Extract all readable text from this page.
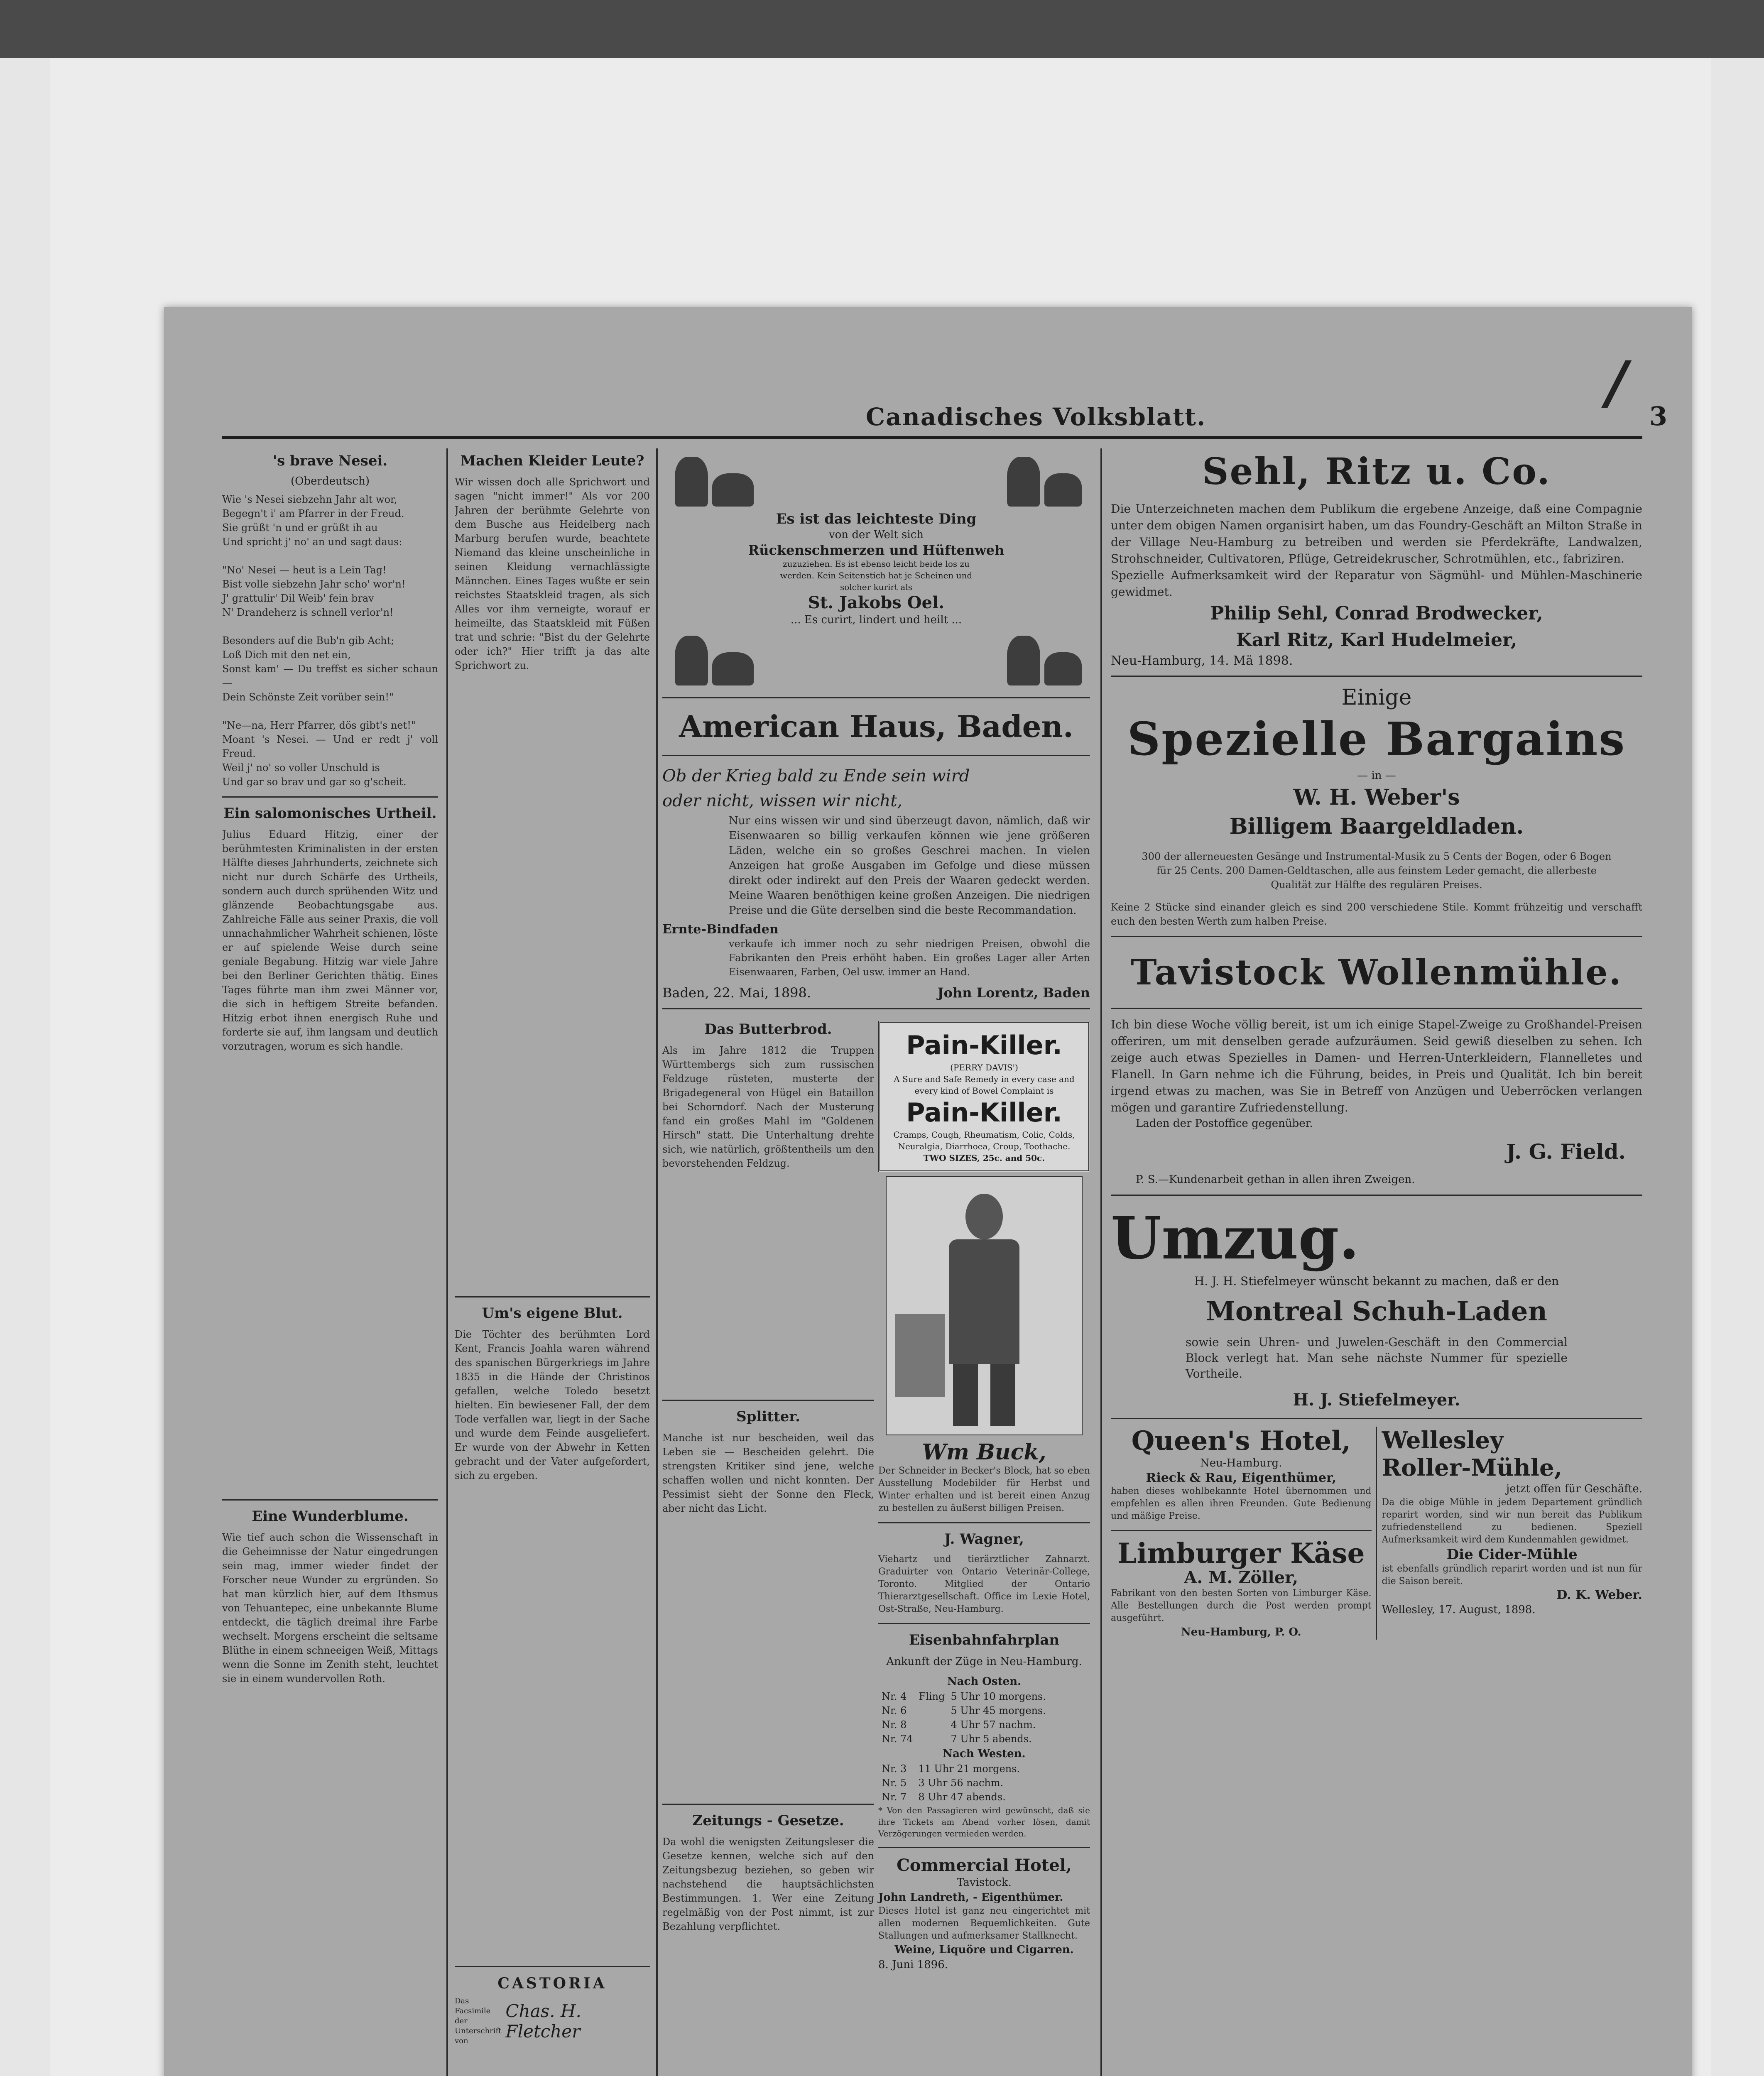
Canadisches Volksblatt.	3
's brave Nesei.
(Oberdeutsch)
Wie 's Nesei siebzehn Jahr alt wor,
Begegn't i' am Pfarrer in der Freud.
Sie grüßt 'n und er grüßt ih au
Und spricht j' no' an und sagt daus:

"No' Nesei — heut is a Lein Tag!
Bist volle siebzehn Jahr scho' wor'n!
J' grattulir' Dil Weib' fein brav
N' Drandeherz is schnell verlor'n!

Besonders auf die Bub'n gib Acht;
Loß Dich mit den net ein,
Sonst kam' — Du treffst es sicher schaun —
Dein Schönste Zeit vorüber sein!"

"Ne—na, Herr Pfarrer, dös gibt's net!"
Moant 's Nesei. — Und er redt j' voll Freud.
Weil j' no' so voller Unschuld is
Und gar so brav und gar so g'scheit.
Ein salomonisches Urtheil.
Julius Eduard Hitzig, einer der berühmtesten Kriminalisten in der ersten Hälfte dieses Jahrhunderts, zeichnete sich nicht nur durch Schärfe des Urtheils, sondern auch durch sprühenden Witz und glänzende Beobachtungsgabe aus. Zahlreiche Fälle aus seiner Praxis, die voll unnachahmlicher Wahrheit schienen, löste er auf spielende Weise durch seine geniale Begabung. Hitzig war viele Jahre bei den Berliner Gerichten thätig. Eines Tages führte man ihm zwei Männer vor, die sich in heftigem Streite befanden. Hitzig erbot ihnen energisch Ruhe und forderte sie auf, ihm langsam und deutlich vorzutragen, worum es sich handle.
Eine Wunderblume.
Wie tief auch schon die Wissenschaft in die Geheimnisse der Natur eingedrungen sein mag, immer wieder findet der Forscher neue Wunder zu ergründen. So hat man kürzlich hier, auf dem Ithsmus von Tehuantepec, eine unbekannte Blume entdeckt, die täglich dreimal ihre Farbe wechselt. Morgens erscheint die seltsame Blüthe in einem schneeigen Weiß, Mittags wenn die Sonne im Zenith steht, leuchtet sie in einem wundervollen Roth.
Machen Kleider Leute?
Wir wissen doch alle Sprichwort und sagen "nicht immer!" Als vor 200 Jahren der berühmte Gelehrte von dem Busche aus Heidelberg nach Marburg berufen wurde, beachtete Niemand das kleine unscheinliche in seinen Kleidung vernachlässigte Männchen. Eines Tages wußte er sein reichstes Staatskleid tragen, als sich Alles vor ihm verneigte, worauf er heimeilte, das Staatskleid mit Füßen trat und schrie: "Bist du der Gelehrte oder ich?" Hier trifft ja das alte Sprichwort zu.
Um's eigene Blut.
Die Töchter des berühmten Lord Kent, Francis Joahla waren während des spanischen Bürgerkriegs im Jahre 1835 in die Hände der Christinos gefallen, welche Toledo besetzt hielten. Ein bewiesener Fall, der dem Tode verfallen war, liegt in der Sache und wurde dem Feinde ausgeliefert. Er wurde von der Abwehr in Ketten gebracht und der Vater aufgefordert, sich zu ergeben.
CASTORIA
Das Facsimile der Unterschrift von
Chas. H. Fletcher
Es ist das leichteste Ding
von der Welt sich
Rückenschmerzen und Hüftenweh
zuzuziehen. Es ist ebenso leicht beide los zu werden. Kein Seitenstich hat je Scheinen und solcher kurirt als
St. Jakobs Oel.
... Es curirt, lindert und heilt ...
American Haus, Baden.
Ob der Krieg bald zu Ende sein wird
oder nicht, wissen wir nicht,
Nur eins wissen wir und sind überzeugt davon, nämlich, daß wir Eisenwaaren so billig verkaufen können wie jene größeren Läden, welche ein so großes Geschrei machen. In vielen Anzeigen hat große Ausgaben im Gefolge und diese müssen direkt oder indirekt auf den Preis der Waaren gedeckt werden. Meine Waaren benöthigen keine großen Anzeigen. Die niedrigen Preise und die Güte derselben sind die beste Recommandation.
Ernte-Bindfaden
verkaufe ich immer noch zu sehr niedrigen Preisen, obwohl die Fabrikanten den Preis erhöht haben. Ein großes Lager aller Arten Eisenwaaren, Farben, Oel usw. immer an Hand.
Baden, 22. Mai, 1898.	John Lorentz, Baden
Das Butterbrod.
Als im Jahre 1812 die Truppen Württembergs sich zum russischen Feldzuge rüsteten, musterte der Brigadegeneral von Hügel ein Bataillon bei Schorndorf. Nach der Musterung fand ein großes Mahl im "Goldenen Hirsch" statt. Die Unterhaltung drehte sich, wie natürlich, größtentheils um den bevorstehenden Feldzug.
Splitter.
Manche ist nur bescheiden, weil das Leben sie — Bescheiden gelehrt. Die strengsten Kritiker sind jene, welche schaffen wollen und nicht konnten. Der Pessimist sieht der Sonne den Fleck, aber nicht das Licht.
Zeitungs - Gesetze.
Da wohl die wenigsten Zeitungsleser die Gesetze kennen, welche sich auf den Zeitungsbezug beziehen, so geben wir nachstehend die hauptsächlichsten Bestimmungen. 1. Wer eine Zeitung regelmäßig von der Post nimmt, ist zur Bezahlung verpflichtet.
Pain-Killer.
(PERRY DAVIS')
A Sure and Safe Remedy in every case and every kind of Bowel Complaint is
Pain-Killer.
Cramps, Cough, Rheumatism, Colic, Colds, Neuralgia, Diarrhoea, Croup, Toothache.
TWO SIZES, 25c. and 50c.
Wm Buck,
Der Schneider in Becker's Block, hat so eben Ausstellung Modebilder für Herbst und Winter erhalten und ist bereit einen Anzug zu bestellen zu äußerst billigen Preisen.
J. Wagner,
Viehartz und tierärztlicher Zahnarzt. Graduirter von Ontario Veterinär-College, Toronto. Mitglied der Ontario Thierarztgesellschaft. Office im Lexie Hotel, Ost-Straße, Neu-Hamburg.
Eisenbahnfahrplan
Ankunft der Züge in Neu-Hamburg.
Nach Osten.
Nr. 4	Fling	5 Uhr 10 morgens.
Nr. 6		5 Uhr 45 morgens.
Nr. 8		4 Uhr 57 nachm.
Nr. 74		7 Uhr 5 abends.
Nach Westen.
Nr. 3		11 Uhr 21 morgens.
Nr. 5		3 Uhr 56 nachm.
Nr. 7		8 Uhr 47 abends.
* Von den Passagieren wird gewünscht, daß sie ihre Tickets am Abend vorher lösen, damit Verzögerungen vermieden werden.
Commercial Hotel,
Tavistock.
John Landreth, - Eigenthümer.
Dieses Hotel ist ganz neu eingerichtet mit allen modernen Bequemlichkeiten. Gute Stallungen und aufmerksamer Stallknecht.
Weine, Liquöre und Cigarren.
8. Juni 1896.
Sehl, Ritz u. Co.
Die Unterzeichneten machen dem Publikum die ergebene Anzeige, daß eine Compagnie unter dem obigen Namen organisirt haben, um das Foundry-Geschäft an Milton Straße in der Village Neu-Hamburg zu betreiben und werden sie Pferdekräfte, Landwalzen, Strohschneider, Cultivatoren, Pflüge, Getreidekruscher, Schrotmühlen, etc., fabriziren.
Spezielle Aufmerksamkeit wird der Reparatur von Sägmühl- und Mühlen-Maschinerie gewidmet.
Philip Sehl, Conrad Brodwecker,
Karl Ritz, Karl Hudelmeier,
Neu-Hamburg, 14. Mä 1898.
Einige
Spezielle Bargains
— in —
W. H. Weber's
Billigem Baargeldladen.
300 der allerneuesten Gesänge und Instrumental-Musik zu 5 Cents der Bogen, oder 6 Bogen für 25 Cents. 200 Damen-Geldtaschen, alle aus feinstem Leder gemacht, die allerbeste Qualität zur Hälfte des regulären Preises.
Keine 2 Stücke sind einander gleich es sind 200 verschiedene Stile. Kommt frühzeitig und verschafft euch den besten Werth zum halben Preise.
Tavistock Wollenmühle.
Ich bin diese Woche völlig bereit, ist um ich einige Stapel-Zweige zu Großhandel-Preisen offeriren, um mit denselben gerade aufzuräumen. Seid gewiß dieselben zu sehen. Ich zeige auch etwas Spezielles in Damen- und Herren-Unterkleidern, Flannelletes und Flanell. In Garn nehme ich die Führung, beides, in Preis und Qualität. Ich bin bereit irgend etwas zu machen, was Sie in Betreff von Anzügen und Ueberröcken verlangen mögen und garantire Zufriedenstellung.
Laden der Postoffice gegenüber.
J. G. Field.
P. S.—Kundenarbeit gethan in allen ihren Zweigen.
Umzug.
H. J. H. Stiefelmeyer wünscht bekannt zu machen, daß er den
Montreal Schuh-Laden
sowie sein Uhren- und Juwelen-Geschäft in den Commercial Block verlegt hat. Man sehe nächste Nummer für spezielle Vortheile.
H. J. Stiefelmeyer.
Queen's Hotel,
Neu-Hamburg.
Rieck & Rau, Eigenthümer,
haben dieses wohlbekannte Hotel übernommen und empfehlen es allen ihren Freunden. Gute Bedienung und mäßige Preise.
Limburger Käse
A. M. Zöller,
Fabrikant von den besten Sorten von Limburger Käse. Alle Bestellungen durch die Post werden prompt ausgeführt.
Neu-Hamburg, P. O.
Wellesley
Roller-Mühle,
jetzt offen für Geschäfte.
Da die obige Mühle in jedem Departement gründlich reparirt worden, sind wir nun bereit das Publikum zufriedenstellend zu bedienen. Speziell Aufmerksamkeit wird dem Kundenmahlen gewidmet.
Die Cider-Mühle
ist ebenfalls gründlich reparirt worden und ist nun für die Saison bereit.
D. K. Weber.
Wellesley, 17. August, 1898.
/
